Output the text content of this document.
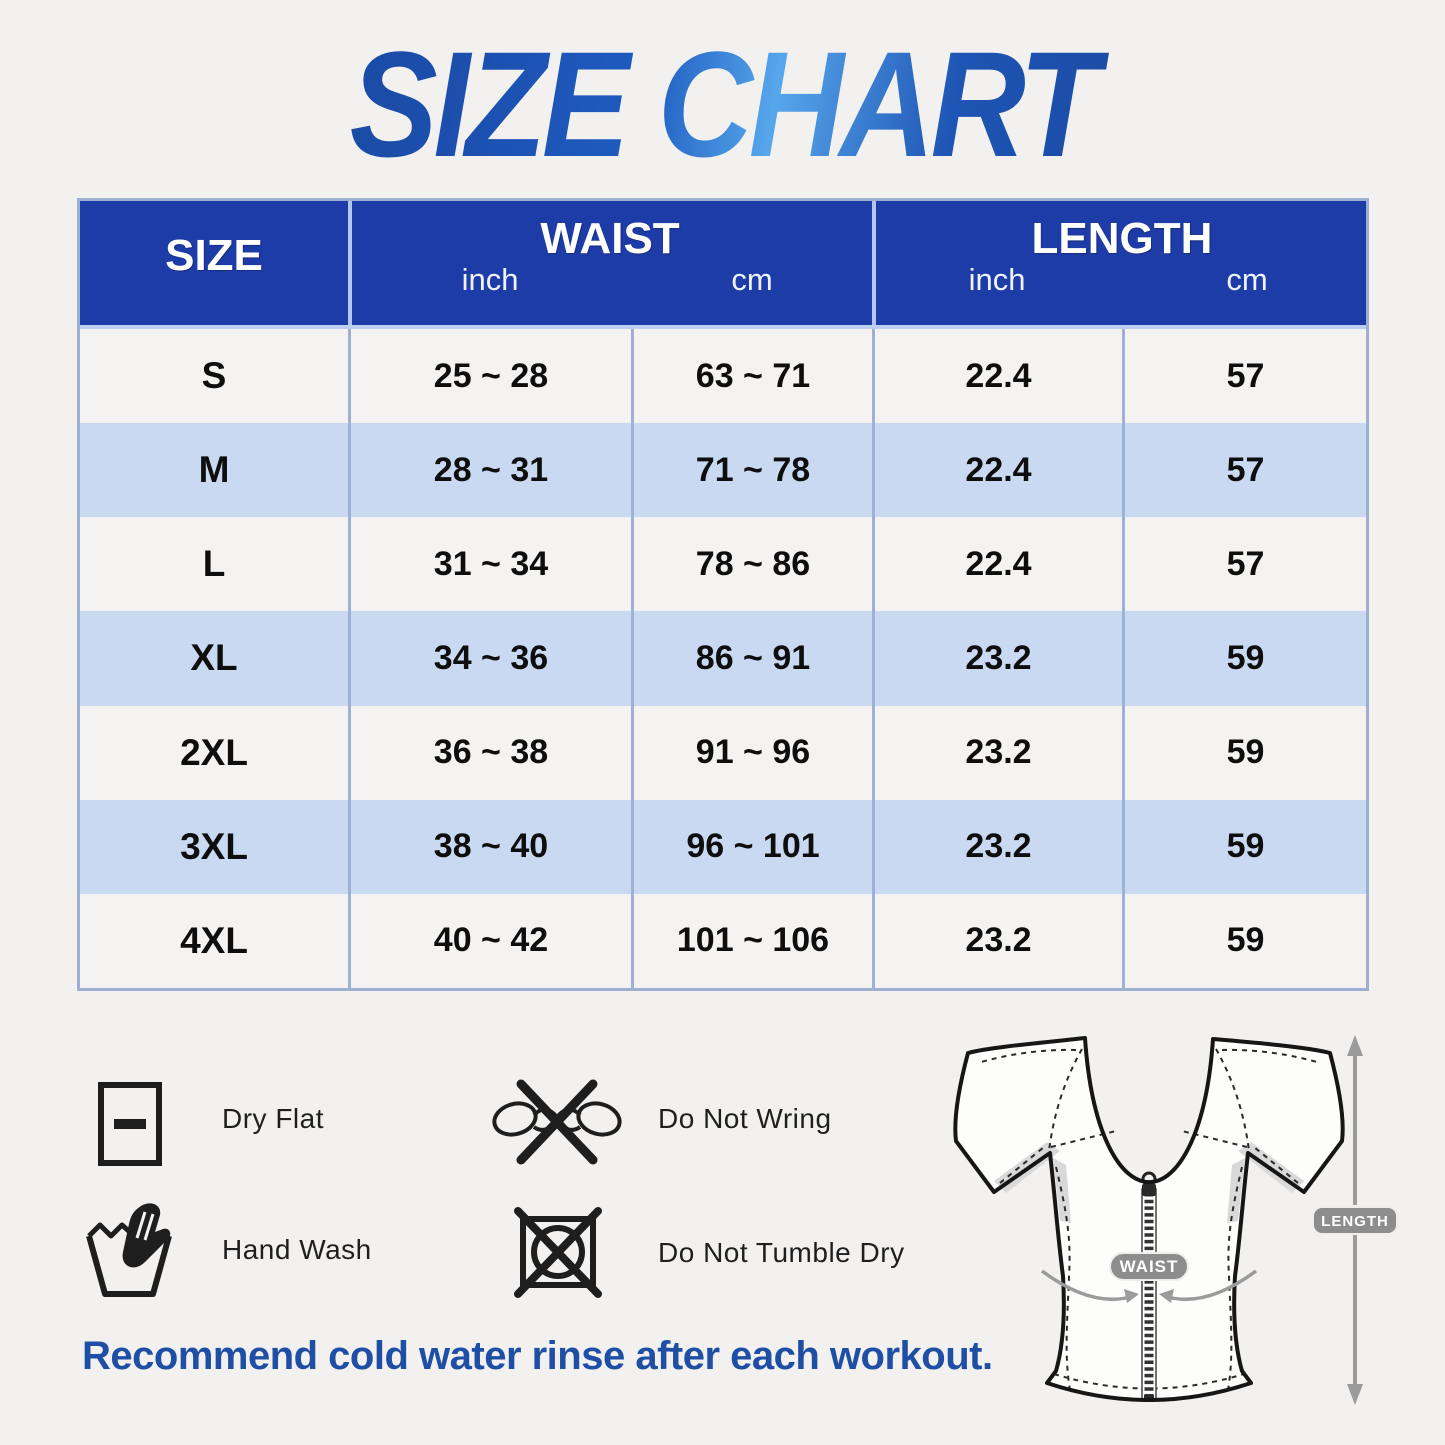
SIZE CHART
SIZE	WAIST	LENGTH
inch	cm	inch	cm
S	25 ~ 28	63 ~ 71	22.4	57
M	28 ~ 31	71 ~ 78	22.4	57
L	31 ~ 34	78 ~ 86	22.4	57
XL	34 ~ 36	86 ~ 91	23.2	59
2XL	36 ~ 38	91 ~ 96	23.2	59
3XL	38 ~ 40	96 ~ 101	23.2	59
4XL	40 ~ 42	101 ~ 106	23.2	59
Dry Flat	Do Not Wring
Hand Wash	Do Not Tumble Dry	WAIST
LENGTH
Recommend cold water rinse after each workout.
